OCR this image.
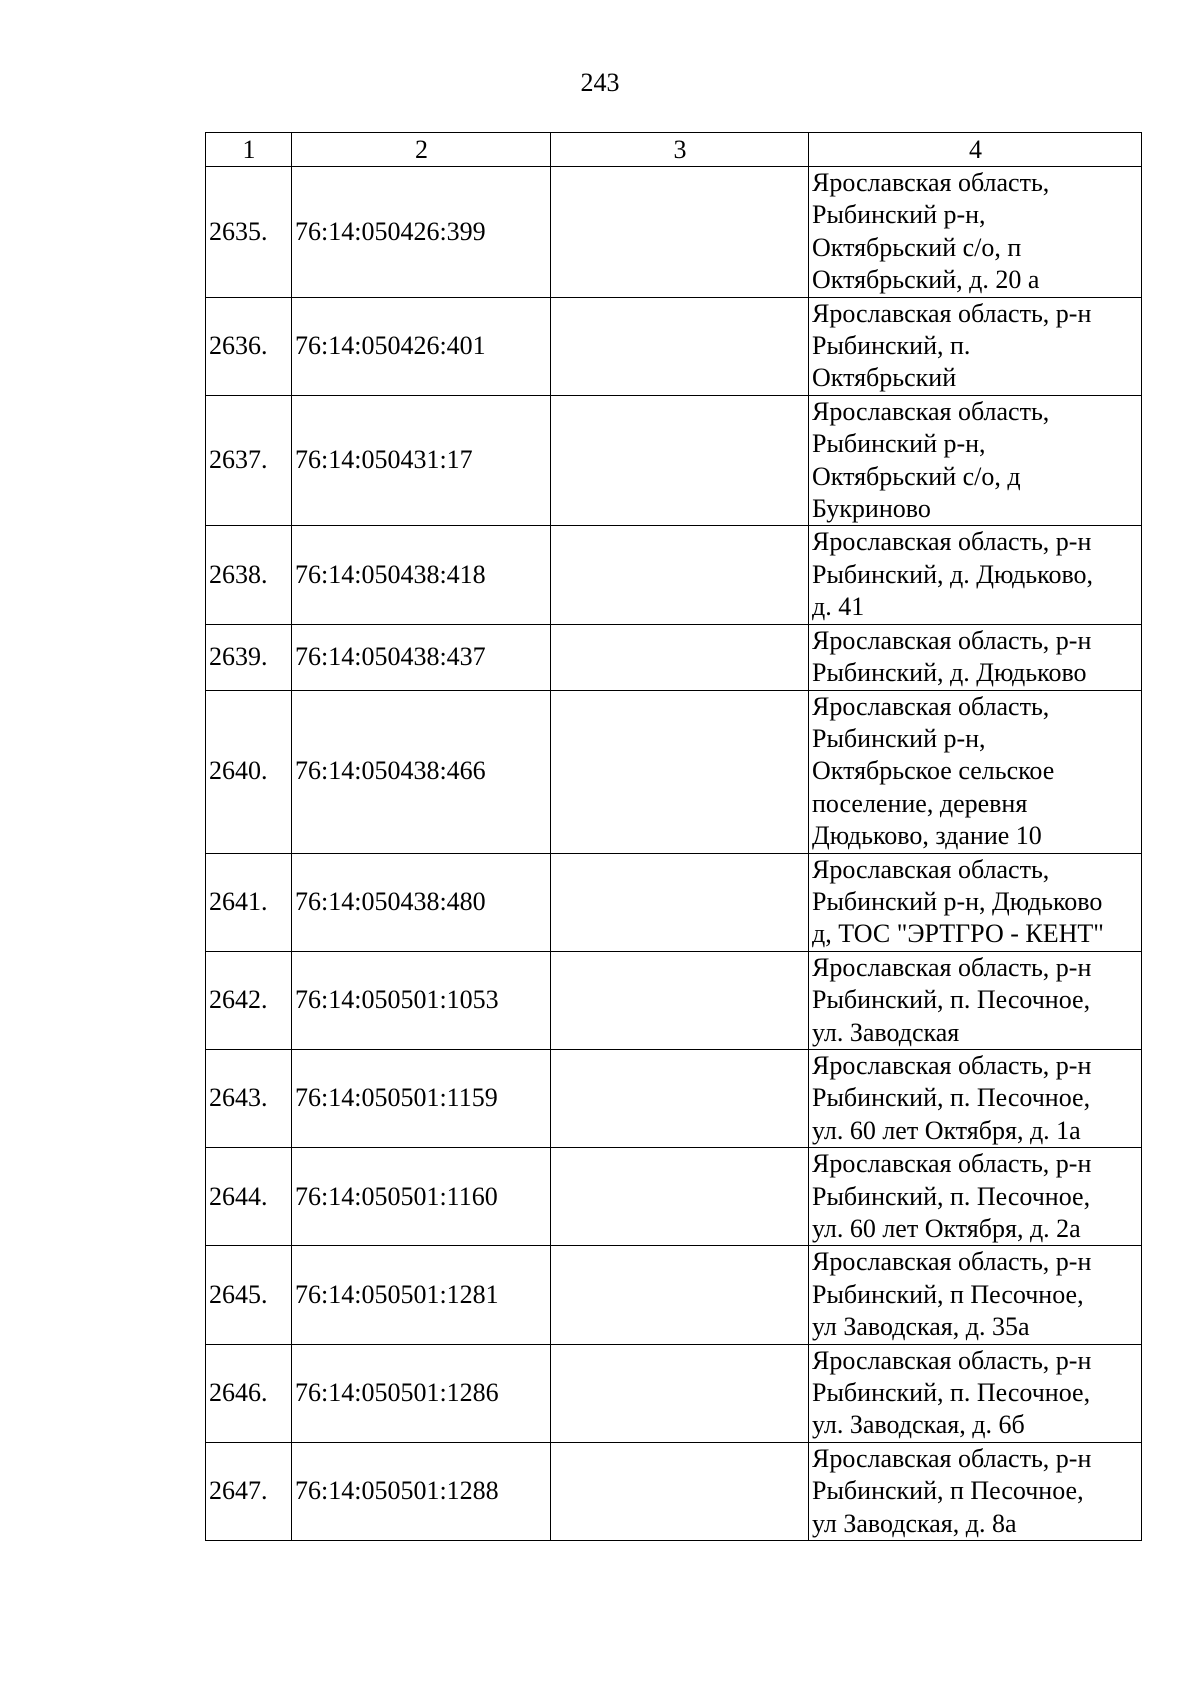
243
1	2	3	4
2635.	76:14:050426:399		Ярославская область,
Рыбинский р-н,
Октябрьский с/о, п
Октябрьский, д. 20 а

2636.	76:14:050426:401		Ярославская область, р-н
Рыбинский, п.
Октябрьский

2637.	76:14:050431:17		Ярославская область,
Рыбинский р-н,
Октябрьский с/о, д
Букриново

2638.	76:14:050438:418		Ярославская область, р-н
Рыбинский, д. Дюдьково,
д. 41

2639.	76:14:050438:437		Ярославская область, р-н
Рыбинский, д. Дюдьково

2640.	76:14:050438:466		Ярославская область,
Рыбинский р-н,
Октябрьское сельское
поселение, деревня
Дюдьково, здание 10

2641.	76:14:050438:480		Ярославская область,
Рыбинский р-н, Дюдьково
д, ТОС "ЭРТГРО - КЕНТ"

2642.	76:14:050501:1053		Ярославская область, р-н
Рыбинский, п. Песочное,
ул. Заводская

2643.	76:14:050501:1159		Ярославская область, р-н
Рыбинский, п. Песочное,
ул. 60 лет Октября, д. 1а

2644.	76:14:050501:1160		Ярославская область, р-н
Рыбинский, п. Песочное,
ул. 60 лет Октября, д. 2а

2645.	76:14:050501:1281		Ярославская область, р-н
Рыбинский, п Песочное,
ул Заводская, д. 35а

2646.	76:14:050501:1286		Ярославская область, р-н
Рыбинский, п. Песочное,
ул. Заводская, д. 6б

2647.	76:14:050501:1288		Ярославская область, р-н
Рыбинский, п Песочное,
ул Заводская, д. 8а
